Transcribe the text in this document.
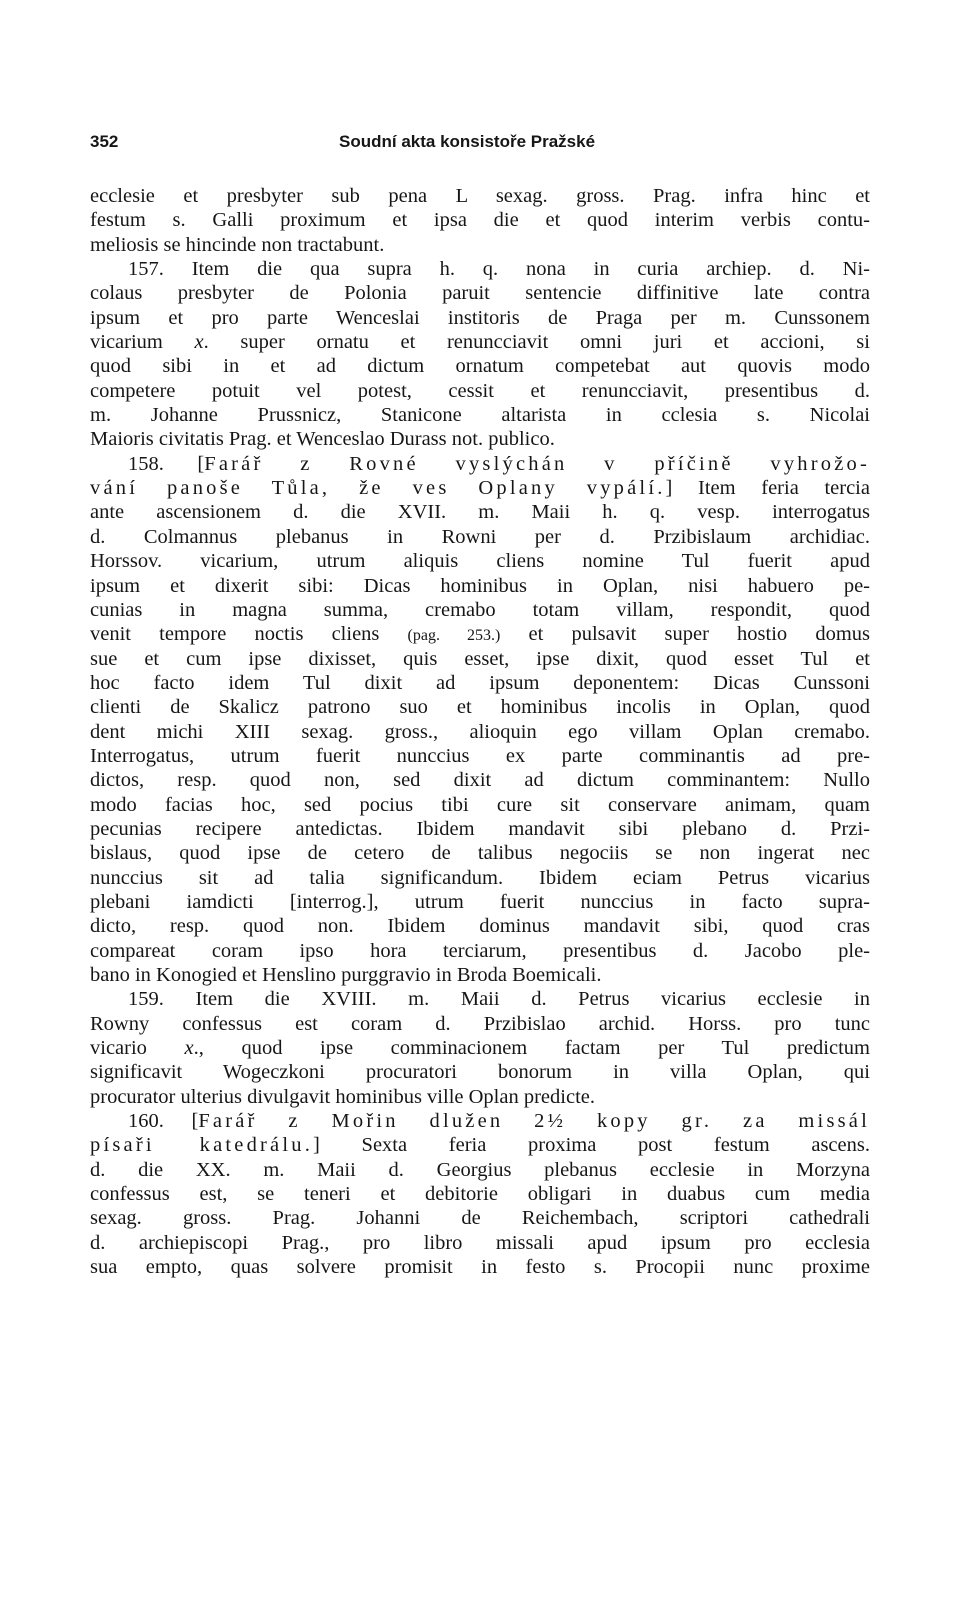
352	Soudní akta konsistoře Pražské
ecclesie et presbyter sub pena L sexag. gross. Prag. infra hinc et
festum s. Galli proximum et ipsa die et quod interim verbis contu-
meliosis se hincinde non tractabunt.
157. Item die qua supra h. q. nona in curia archiep. d. Ni-
colaus presbyter de Polonia paruit sentencie diffinitive late contra
ipsum et pro parte Wenceslai institoris de Praga per m. Cunssonem
vicarium x. super ornatu et renuncciavit omni juri et accioni, si
quod sibi in et ad dictum ornatum competebat aut quovis modo
competere potuit vel potest, cessit et renuncciavit, presentibus d.
m. Johanne Prussnicz, Stanicone altarista in cclesia s. Nicolai
Maioris civitatis Prag. et Wenceslao Durass not. publico.
158. [Farář z Rovné vyslýchán v příčině vyhrožo-
vání panoše Tůla, že ves Oplany vypálí.] Item feria tercia
ante ascensionem d. die XVII. m. Maii h. q. vesp. interrogatus
d. Colmannus plebanus in Rowni per d. Przibislaum archidiac.
Horssov. vicarium, utrum aliquis cliens nomine Tul fuerit apud
ipsum et dixerit sibi: Dicas hominibus in Oplan, nisi habuero pe-
cunias in magna summa, cremabo totam villam, respondit, quod
venit tempore noctis cliens (pag. 253.) et pulsavit super hostio domus
sue et cum ipse dixisset, quis esset, ipse dixit, quod esset Tul et
hoc facto idem Tul dixit ad ipsum deponentem: Dicas Cunssoni
clienti de Skalicz patrono suo et hominibus incolis in Oplan, quod
dent michi XIII sexag. gross., alioquin ego villam Oplan cremabo.
Interrogatus, utrum fuerit nunccius ex parte comminantis ad pre-
dictos, resp. quod non, sed dixit ad dictum comminantem: Nullo
modo facias hoc, sed pocius tibi cure sit conservare animam, quam
pecunias recipere antedictas. Ibidem mandavit sibi plebano d. Przi-
bislaus, quod ipse de cetero de talibus negociis se non ingerat nec
nunccius sit ad talia significandum. Ibidem eciam Petrus vicarius
plebani iamdicti [interrog.], utrum fuerit nunccius in facto supra-
dicto, resp. quod non. Ibidem dominus mandavit sibi, quod cras
compareat coram ipso hora terciarum, presentibus d. Jacobo ple-
bano in Konogied et Henslino purggravio in Broda Boemicali.
159. Item die XVIII. m. Maii d. Petrus vicarius ecclesie in
Rowny confessus est coram d. Przibislao archid. Horss. pro tunc
vicario x., quod ipse comminacionem factam per Tul predictum
significavit Wogeczkoni procuratori bonorum in villa Oplan, qui
procurator ulterius divulgavit hominibus ville Oplan predicte.
160. [Farář z Mořin dlužen 2½ kopy gr. za missál
písaři katedrálu.] Sexta feria proxima post festum ascens.
d. die XX. m. Maii d. Georgius plebanus ecclesie in Morzyna
confessus est, se teneri et debitorie obligari in duabus cum media
sexag. gross. Prag. Johanni de Reichembach, scriptori cathedrali
d. archiepiscopi Prag., pro libro missali apud ipsum pro ecclesia
sua empto, quas solvere promisit in festo s. Procopii nunc proxime
